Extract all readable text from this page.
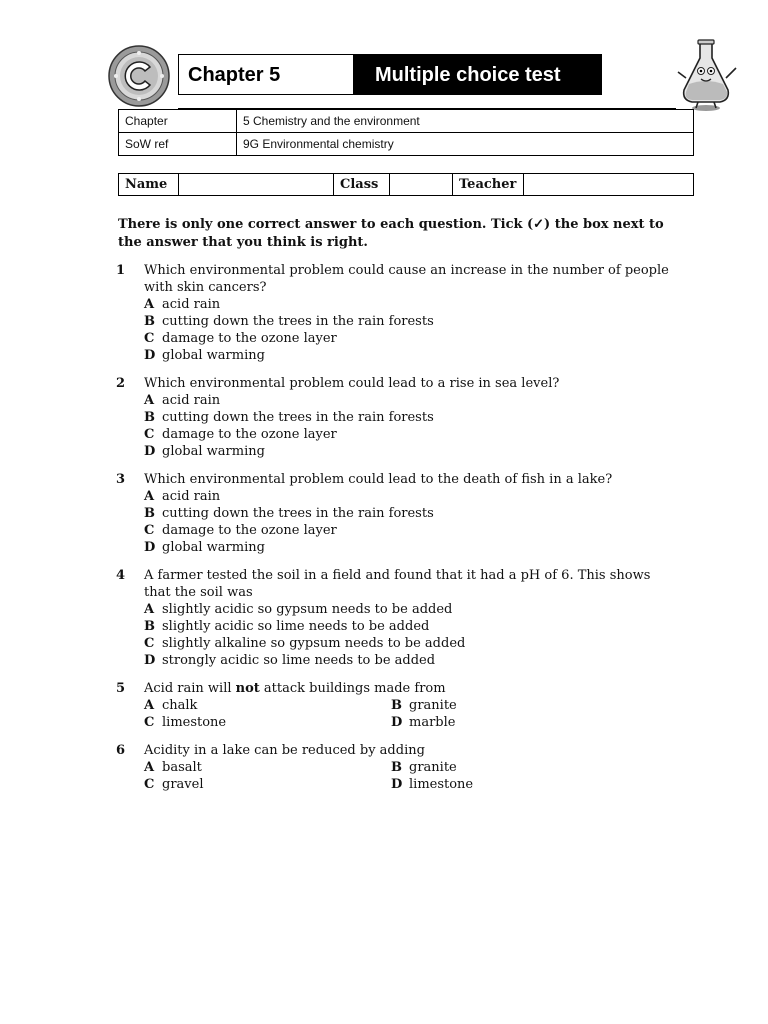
Chapter 5	Multiple choice test
Chapter	5 Chemistry and the environment
SoW ref	9G Environmental chemistry
Name		Class		Teacher	
There is only one correct answer to each question. Tick (✓) the box next to the answer that you think is right.
1 Which environmental problem could cause an increase in the number of people with skin cancers?
A acid rain
B cutting down the trees in the rain forests
C damage to the ozone layer
D global warming
2 Which environmental problem could lead to a rise in sea level?
A acid rain
B cutting down the trees in the rain forests
C damage to the ozone layer
D global warming
3 Which environmental problem could lead to the death of fish in a lake?
A acid rain
B cutting down the trees in the rain forests
C damage to the ozone layer
D global warming
4 A farmer tested the soil in a field and found that it had a pH of 6. This shows that the soil was
A slightly acidic so gypsum needs to be added
B slightly acidic so lime needs to be added
C slightly alkaline so gypsum needs to be added
D strongly acidic so lime needs to be added
5 Acid rain will not attack buildings made from
A chalk	B granite
C limestone	D marble
6 Acidity in a lake can be reduced by adding
A basalt	B granite
C gravel	D limestone
